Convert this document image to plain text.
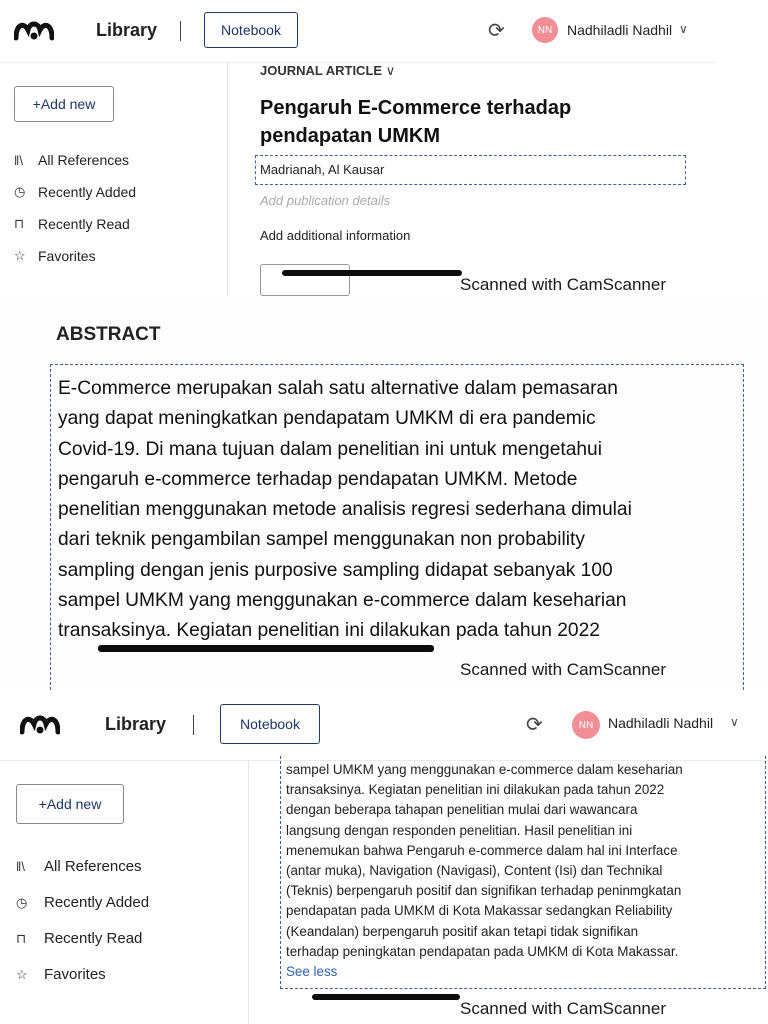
Library	Notebook	⟳	NN	Nadhiladli Nadhil ∨
+Add new
‖\	All References
◷ Recently Added
⊓ Recently Read
☆ Favorites
JOURNAL ARTICLE ∨
Pengaruh E-Commerce terhadap
pendapatan UMKM
Madrianah, Al Kausar
Add publication details
Add additional information
Scanned with CamScanner
ABSTRACT
E-Commerce merupakan salah satu alternative dalam pemasaran
yang dapat meningkatkan pendapatam UMKM di era pandemic
Covid-19. Di mana tujuan dalam penelitian ini untuk mengetahui
pengaruh e-commerce terhadap pendapatan UMKM. Metode
penelitian menggunakan metode analisis regresi sederhana dimulai
dari teknik pengambilan sampel menggunakan non probability
sampling dengan jenis purposive sampling didapat sebanyak 100
sampel UMKM yang menggunakan e-commerce dalam keseharian
transaksinya. Kegiatan penelitian ini dilakukan pada tahun 2022
Scanned with CamScanner
Library	Notebook	⟳	NN	Nadhiladli Nadhil ∨
+Add new
‖\	All References
◷	Recently Added
⊓	Recently Read
☆	Favorites
sampel UMKM yang menggunakan e-commerce dalam keseharian
transaksinya. Kegiatan penelitian ini dilakukan pada tahun 2022
dengan beberapa tahapan penelitian mulai dari wawancara
langsung dengan responden penelitian. Hasil penelitian ini
menemukan bahwa Pengaruh e-commerce dalam hal ini Interface
(antar muka), Navigation (Navigasi), Content (Isi) dan Technikal
(Teknis) berpengaruh positif dan signifikan terhadap peninmgkatan
pendapatan pada UMKM di Kota Makassar sedangkan Reliability
(Keandalan) berpengaruh positif akan tetapi tidak signifikan
terhadap peningkatan pendapatan pada UMKM di Kota Makassar.
See less
Scanned with CamScanner
